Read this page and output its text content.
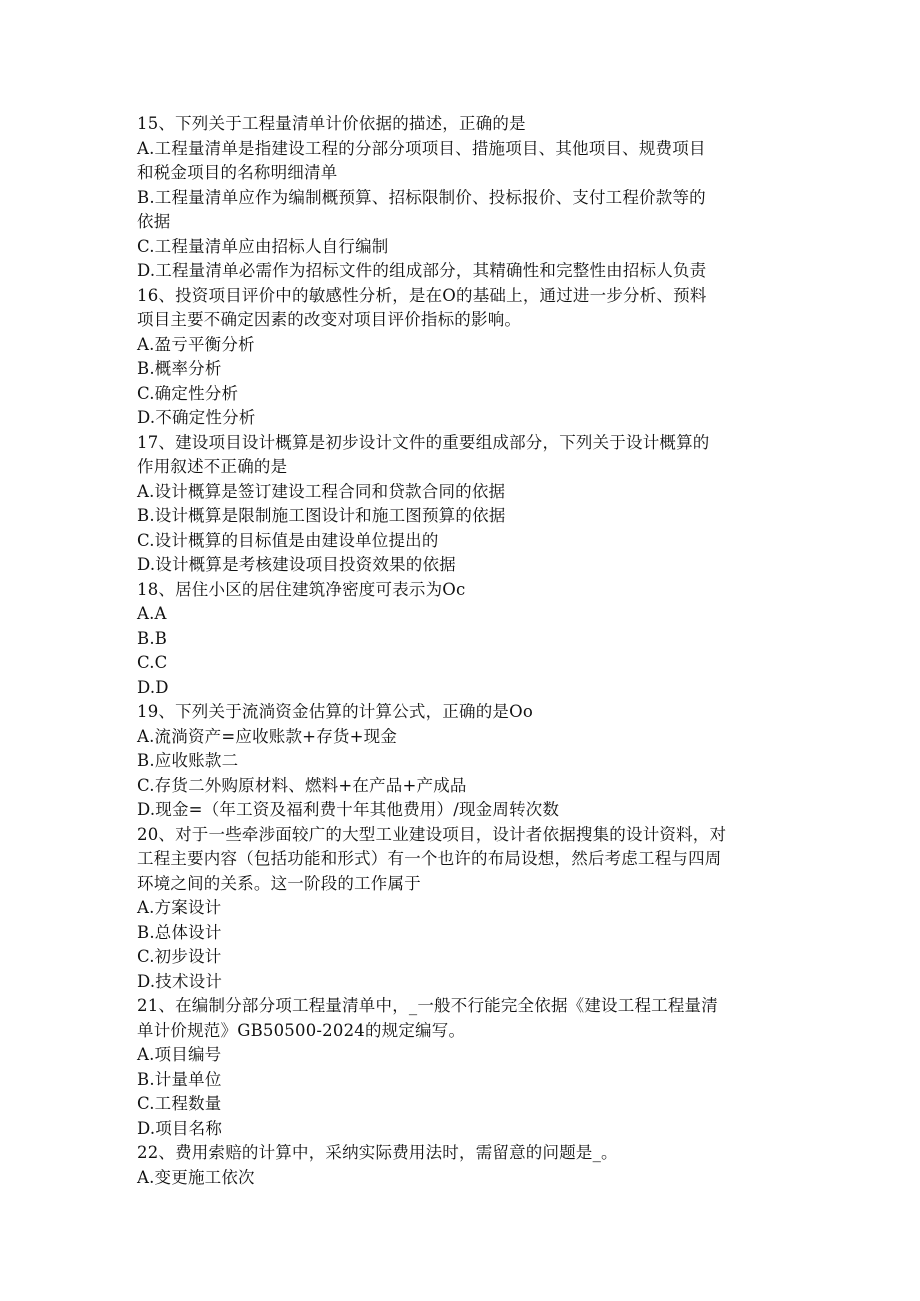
15、下列关于工程量清单计价依据的描述，正确的是
A.工程量清单是指建设工程的分部分项项目、措施项目、其他项目、规费项目
和税金项目的名称明细清单
B.工程量清单应作为编制概预算、招标限制价、投标报价、支付工程价款等的
依据
C.工程量清单应由招标人自行编制
D.工程量清单必需作为招标文件的组成部分，其精确性和完整性由招标人负责
16、投资项目评价中的敏感性分析，是在O的基础上，通过进一步分析、预料
项目主要不确定因素的改变对项目评价指标的影响。
A.盈亏平衡分析
B.概率分析
C.确定性分析
D.不确定性分析
17、建设项目设计概算是初步设计文件的重要组成部分，下列关于设计概算的
作用叙述不正确的是
A.设计概算是签订建设工程合同和贷款合同的依据
B.设计概算是限制施工图设计和施工图预算的依据
C.设计概算的目标值是由建设单位提出的
D.设计概算是考核建设项目投资效果的依据
18、居住小区的居住建筑净密度可表示为Oc
A.A
B.B
C.C
D.D
19、下列关于流淌资金估算的计算公式，正确的是Oo
A.流淌资产=应收账款+存货+现金
B.应收账款二
C.存货二外购原材料、燃料+在产品+产成品
D.现金=（年工资及福利费十年其他费用）/现金周转次数
20、对于一些牵涉面较广的大型工业建设项目，设计者依据搜集的设计资料，对
工程主要内容（包括功能和形式）有一个也许的布局设想，然后考虑工程与四周
环境之间的关系。这一阶段的工作属于
A.方案设计
B.总体设计
C.初步设计
D.技术设计
21、在编制分部分项工程量清单中，_一般不行能完全依据《建设工程工程量清
单计价规范》GB50500-2024的规定编写。
A.项目编号
B.计量单位
C.工程数量
D.项目名称
22、费用索赔的计算中，采纳实际费用法时，需留意的问题是_。
A.变更施工依次
